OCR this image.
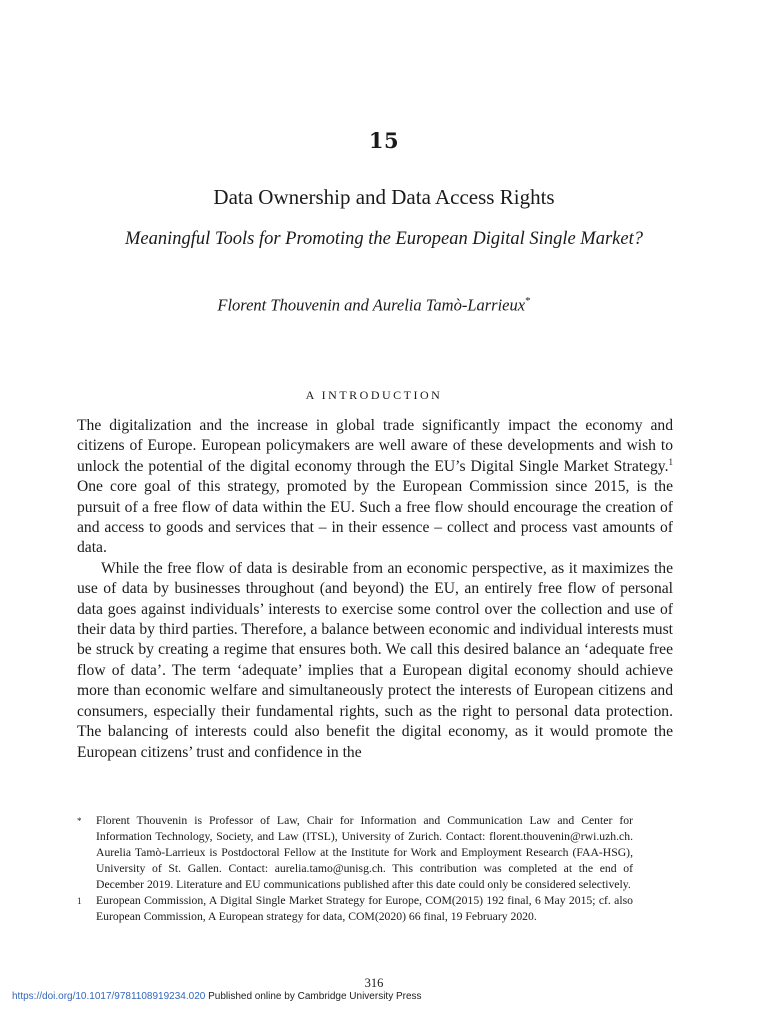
15
Data Ownership and Data Access Rights
Meaningful Tools for Promoting the European Digital Single Market?
Florent Thouvenin and Aurelia Tamò-Larrieux*
A INTRODUCTION

The digitalization and the increase in global trade significantly impact the economy and citizens of Europe. European policymakers are well aware of these developments and wish to unlock the potential of the digital economy through the EU’s Digital Single Market Strategy.$^1$ One core goal of this strategy, promoted by the European Commission since 2015, is the pursuit of a free flow of data within the EU. Such a free flow should encourage the creation of and access to goods and services that – in their essence – collect and process vast amounts of data.

While the free flow of data is desirable from an economic perspective, as it maximizes the use of data by businesses throughout (and beyond) the EU, an entirely free flow of personal data goes against individuals’ interests to exercise some control over the collection and use of their data by third parties. Therefore, a balance between economic and individual interests must be struck by creating a regime that ensures both. We call this desired balance an ‘adequate free flow of data’. The term ‘adequate’ implies that a European digital economy should achieve more than economic welfare and simultaneously protect the interests of European citizens and consumers, especially their fundamental rights, such as the right to personal data protection. The balancing of interests could also benefit the digital economy, as it would promote the European citizens’ trust and confidence in the

* Florent Thouvenin is Professor of Law, Chair for Information and Communication Law and Center for Information Technology, Society, and Law (ITSL), University of Zurich. Contact: florent.thouvenin@rwi.uzh.ch. Aurelia Tamò-Larrieux is Postdoctoral Fellow at the Institute for Work and Employment Research (FAA-HSG), University of St. Gallen. Contact: aurelia.tamo@unisg.ch. This contribution was completed at the end of December 2019. Literature and EU communications published after this date could only be considered selectively.
1 European Commission, A Digital Single Market Strategy for Europe, COM(2015) 192 final, 6 May 2015; cf. also European Commission, A European strategy for data, COM(2020) 66 final, 19 February 2020.
316
https://doi.org/10.1017/9781108919234.020 Published online by Cambridge University Press
